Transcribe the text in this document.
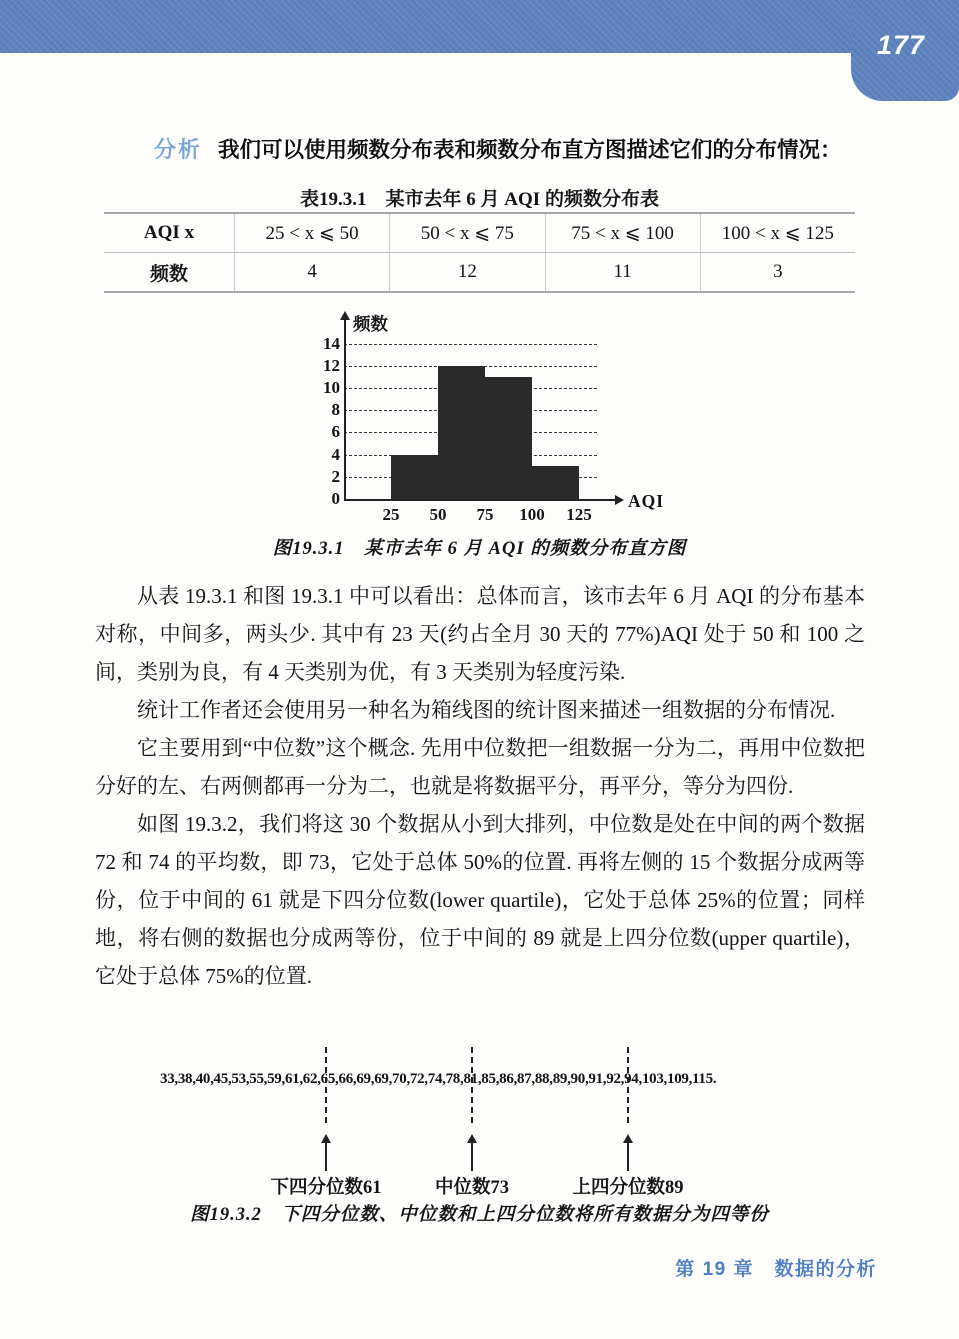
177
分析 我们可以使用频数分布表和频数分布直方图描述它们的分布情况：
表19.3.1　某市去年 6 月 AQI 的频数分布表
AQI x	25 < x ⩽ 50	50 < x ⩽ 75	75 < x ⩽ 100	100 < x ⩽ 125
频数	4	12	11	3
频数
AQI
0
2
4
6
8
10
12
14
25	50	75	100	125
图19.3.1　某市去年 6 月 AQI 的频数分布直方图

从表 19.3.1 和图 19.3.1 中可以看出：总体而言，该市去年 6 月 AQI 的分布基本对称，中间多，两头少. 其中有 23 天(约占全月 30 天的 77%)AQI 处于 50 和 100 之间，类别为良，有 4 天类别为优，有 3 天类别为轻度污染.

统计工作者还会使用另一种名为箱线图的统计图来描述一组数据的分布情况.

它主要用到“中位数”这个概念. 先用中位数把一组数据一分为二，再用中位数把分好的左、右两侧都再一分为二，也就是将数据平分，再平分，等分为四份.

如图 19.3.2，我们将这 30 个数据从小到大排列，中位数是处在中间的两个数据 72 和 74 的平均数，即 73，它处于总体 50%的位置. 再将左侧的 15 个数据分成两等份，位于中间的 61 就是下四分位数(lower quartile)，它处于总体 25%的位置；同样地，将右侧的数据也分成两等份，位于中间的 89 就是上四分位数(upper quartile)，它处于总体 75%的位置.

33,38,40,45,53,55,59,61,62,65,66,69,69,70,72,74,78,81,85,86,87,88,89,90,91,92,94,103,109,115.
下四分位数61	中位数73	上四分位数89
图19.3.2　下四分位数、中位数和上四分位数将所有数据分为四等份
第 19 章　数据的分析
